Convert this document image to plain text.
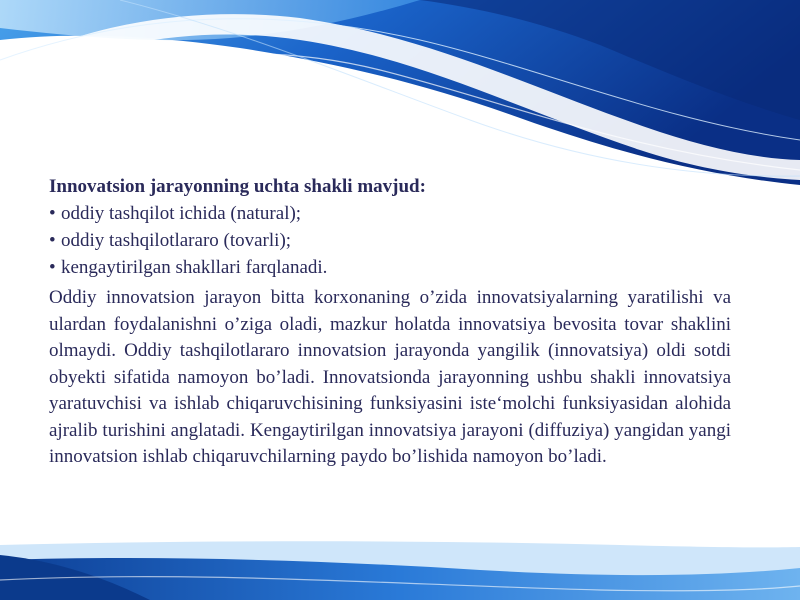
Innovatsion jarayonning uchta shakli mavjud:

• oddiy tashqilot ichida (natural);
• oddiy tashqilotlararo (tovarli);
• kengaytirilgan shakllari farqlanadi.

Oddiy innovatsion jarayon bitta korxonaning o’zida innovatsiyalarning yaratilishi va ulardan foydalanishni o’ziga oladi, mazkur holatda innovatsiya bevosita tovar shaklini olmaydi. Oddiy tashqilotlararo innovatsion jarayonda yangilik (innovatsiya) oldi sotdi obyekti sifatida namoyon bo’ladi. Innovatsionda jarayonning ushbu shakli innovatsiya yaratuvchisi va ishlab chiqaruvchisining funksiyasini iste‘molchi funksiyasidan alohida ajralib turishini anglatadi. Kengaytirilgan innovatsiya jarayoni (diffuziya) yangidan yangi innovatsion ishlab chiqaruvchilarning paydo bo’lishida namoyon bo’ladi.
